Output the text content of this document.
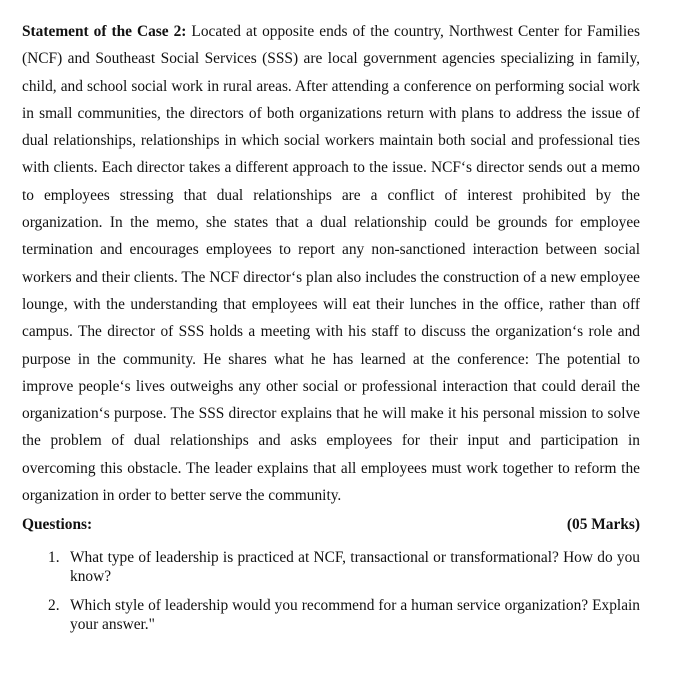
Statement of the Case 2: Located at opposite ends of the country, Northwest Center for Families (NCF) and Southeast Social Services (SSS) are local government agencies specializing in family, child, and school social work in rural areas. After attending a conference on performing social work in small communities, the directors of both organizations return with plans to address the issue of dual relationships, relationships in which social workers maintain both social and professional ties with clients. Each director takes a different approach to the issue. NCF‘s director sends out a memo to employees stressing that dual relationships are a conflict of interest prohibited by the organization. In the memo, she states that a dual relationship could be grounds for employee termination and encourages employees to report any non-sanctioned interaction between social workers and their clients. The NCF director‘s plan also includes the construction of a new employee lounge, with the understanding that employees will eat their lunches in the office, rather than off campus. The director of SSS holds a meeting with his staff to discuss the organization‘s role and purpose in the community. He shares what he has learned at the conference: The potential to improve people‘s lives outweighs any other social or professional interaction that could derail the organization‘s purpose. The SSS director explains that he will make it his personal mission to solve the problem of dual relationships and asks employees for their input and participation in overcoming this obstacle. The leader explains that all employees must work together to reform the organization in order to better serve the community.

Questions:	(05 Marks)
1. What type of leadership is practiced at NCF, transactional or transformational? How do you know?
2. Which style of leadership would you recommend for a human service organization? Explain your answer."
